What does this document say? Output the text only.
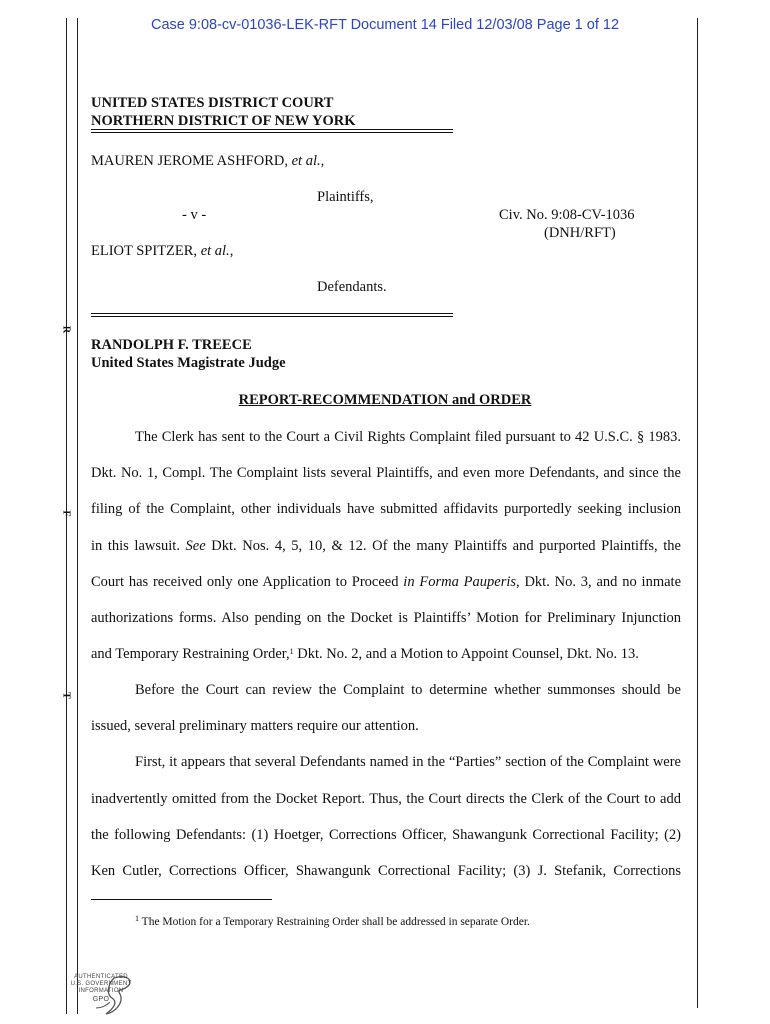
Case 9:08-cv-01036-LEK-RFT Document 14 Filed 12/03/08 Page 1 of 12
UNITED STATES DISTRICT COURT
NORTHERN DISTRICT OF NEW YORK
MAUREN JEROME ASHFORD, et al.,
Plaintiffs,
- v -	Civ. No. 9:08-CV-1036
(DNH/RFT)
ELIOT SPITZER, et al.,
Defendants.
RANDOLPH F. TREECE
United States Magistrate Judge
REPORT-RECOMMENDATION and ORDER
R
F
T
The Clerk has sent to the Court a Civil Rights Complaint filed pursuant to 42 U.S.C. § 1983.
Dkt. No. 1, Compl. The Complaint lists several Plaintiffs, and even more Defendants, and since the
filing of the Complaint, other individuals have submitted affidavits purportedly seeking inclusion
in this lawsuit. See Dkt. Nos. 4, 5, 10, & 12. Of the many Plaintiffs and purported Plaintiffs, the
Court has received only one Application to Proceed in Forma Pauperis, Dkt. No. 3, and no inmate
authorizations forms. Also pending on the Docket is Plaintiffs’ Motion for Preliminary Injunction
and Temporary Restraining Order,$^1$ Dkt. No. 2, and a Motion to Appoint Counsel, Dkt. No. 13.
Before the Court can review the Complaint to determine whether summonses should be
issued, several preliminary matters require our attention.
First, it appears that several Defendants named in the “Parties” section of the Complaint were
inadvertently omitted from the Docket Report. Thus, the Court directs the Clerk of the Court to add
the following Defendants: (1) Hoetger, Corrections Officer, Shawangunk Correctional Facility; (2)
Ken Cutler, Corrections Officer, Shawangunk Correctional Facility; (3) J. Stefanik, Corrections
$^1$ The Motion for a Temporary Restraining Order shall be addressed in separate Order.
AUTHENTICATED
U.S. GOVERNMENT
INFORMATION
GPO
